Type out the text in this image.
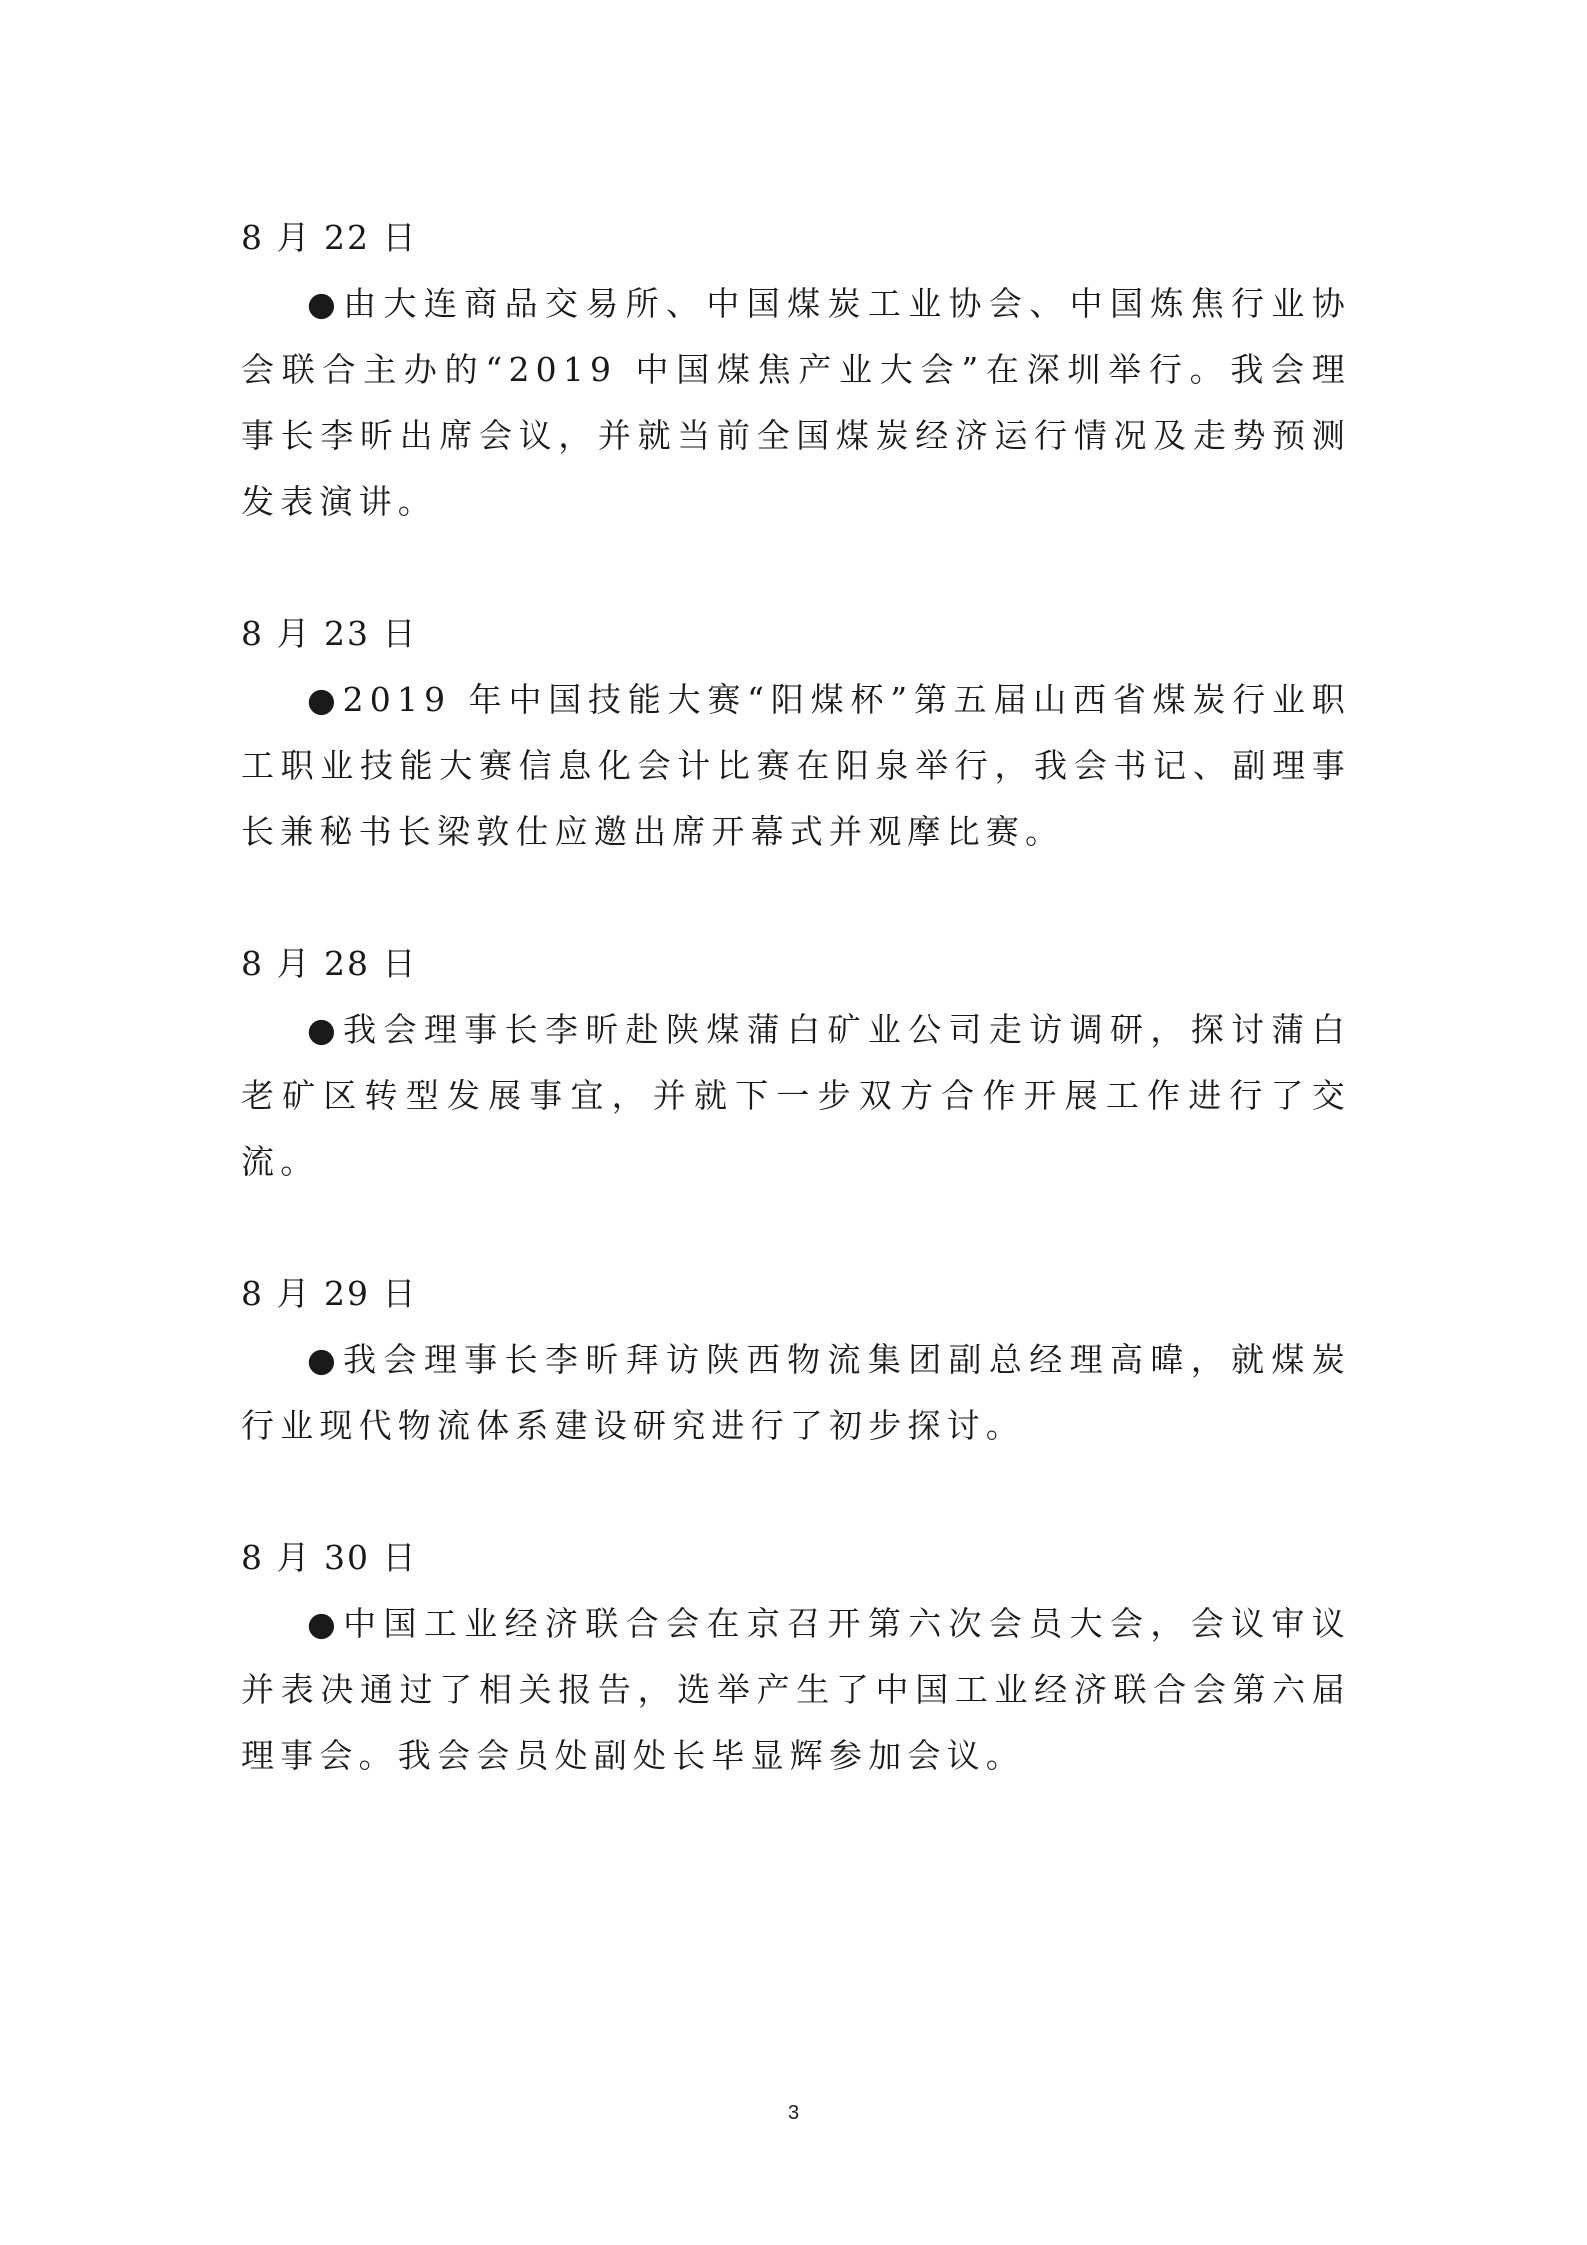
8 月 22 日

●由大连商品交易所、中国煤炭工业协会、中国炼焦行业协会联合主办的“2019 中国煤焦产业大会”在深圳举行。我会理事长李昕出席会议，并就当前全国煤炭经济运行情况及走势预测发表演讲。

8 月 23 日

●2019 年中国技能大赛“阳煤杯”第五届山西省煤炭行业职工职业技能大赛信息化会计比赛在阳泉举行，我会书记、副理事长兼秘书长梁敦仕应邀出席开幕式并观摩比赛。

8 月 28 日

●我会理事长李昕赴陕煤蒲白矿业公司走访调研，探讨蒲白老矿区转型发展事宜，并就下一步双方合作开展工作进行了交流。

8 月 29 日

●我会理事长李昕拜访陕西物流集团副总经理高暐，就煤炭行业现代物流体系建设研究进行了初步探讨。

8 月 30 日

●中国工业经济联合会在京召开第六次会员大会，会议审议并表决通过了相关报告，选举产生了中国工业经济联合会第六届理事会。我会会员处副处长毕显辉参加会议。

3
